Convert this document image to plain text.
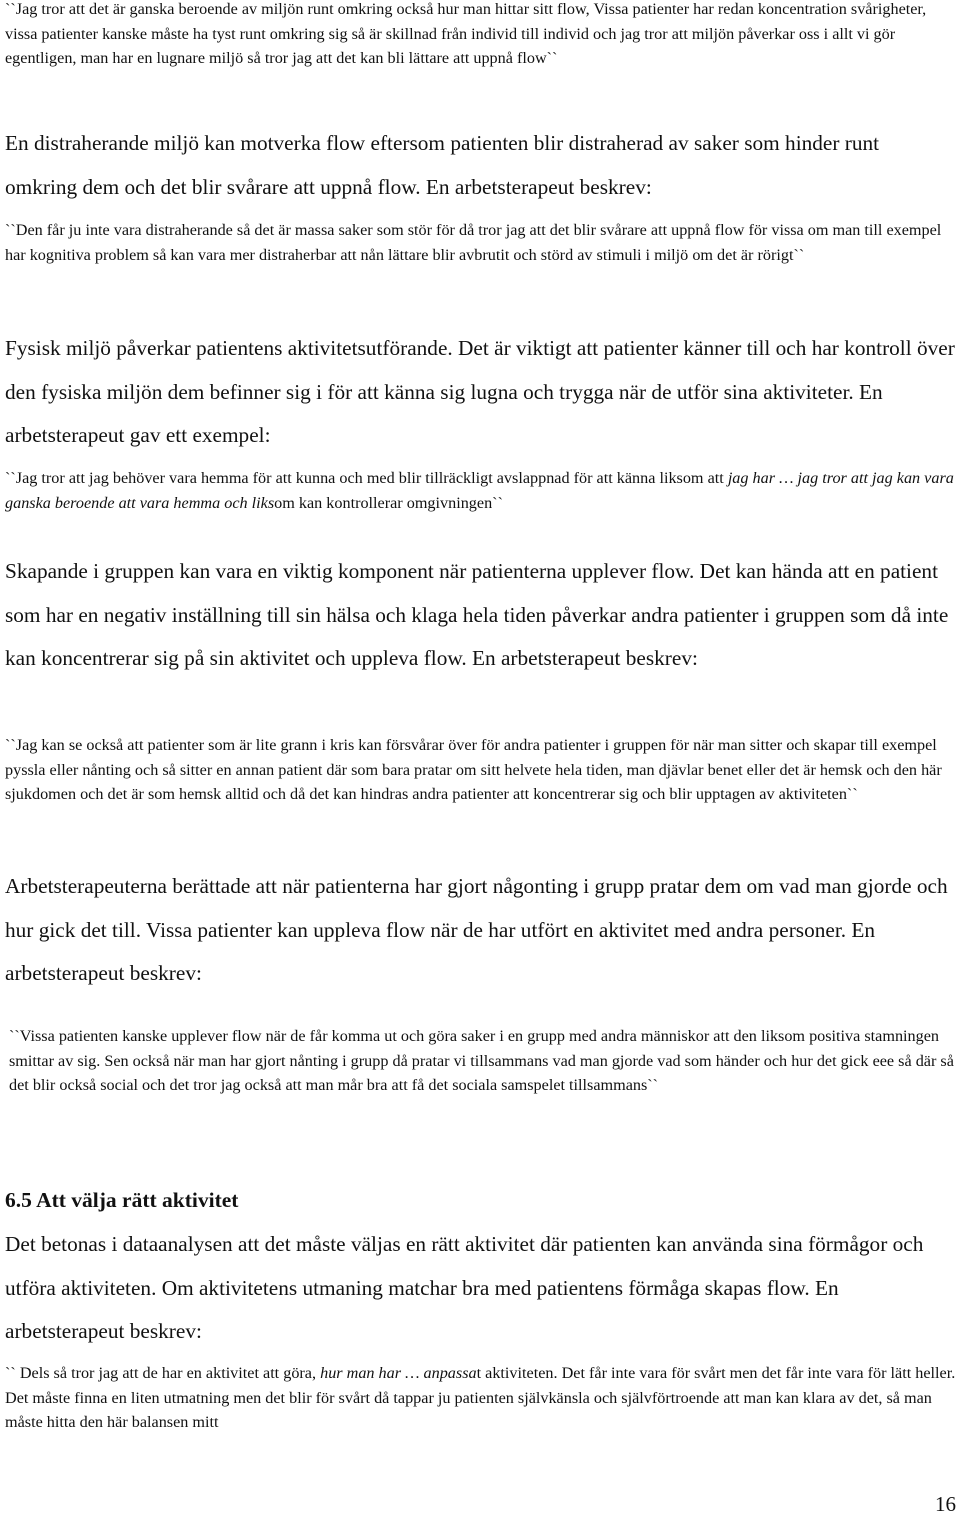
``Jag tror att det är ganska beroende av miljön runt omkring också hur man hittar sitt flow, Vissa patienter har redan koncentration svårigheter, vissa patienter kanske måste ha tyst runt omkring sig så är skillnad från individ till individ och jag tror att miljön påverkar oss i allt vi gör egentligen, man har en lugnare miljö så tror jag att det kan bli lättare att uppnå flow``

En distraherande miljö kan motverka flow eftersom patienten blir distraherad av saker som hinder runt omkring dem och det blir svårare att uppnå flow. En arbetsterapeut beskrev:

``Den får ju inte vara distraherande så det är massa saker som stör för då tror jag att det blir svårare att uppnå flow för vissa om man till exempel har kognitiva problem så kan vara mer distraherbar att nån lättare blir avbrutit och störd av stimuli i miljö om det är rörigt``

Fysisk miljö påverkar patientens aktivitetsutförande. Det är viktigt att patienter känner till och har kontroll över den fysiska miljön dem befinner sig i för att känna sig lugna och trygga när de utför sina aktiviteter. En arbetsterapeut gav ett exempel:

``Jag tror att jag behöver vara hemma för att kunna och med blir tillräckligt avslappnad för att känna liksom att jag har … jag tror att jag kan vara ganska beroende att vara hemma och liksom kan kontrollerar omgivningen``

Skapande i gruppen kan vara en viktig komponent när patienterna upplever flow. Det kan hända att en patient som har en negativ inställning till sin hälsa och klaga hela tiden påverkar andra patienter i gruppen som då inte kan koncentrerar sig på sin aktivitet och uppleva flow. En arbetsterapeut beskrev:

``Jag kan se också att patienter som är lite grann i kris kan försvårar över för andra patienter i gruppen för när man sitter och skapar till exempel pyssla eller nånting och så sitter en annan patient där som bara pratar om sitt helvete hela tiden, man djävlar benet eller det är hemsk och den här sjukdomen och det är som hemsk alltid och då det kan hindras andra patienter att koncentrerar sig och blir upptagen av aktiviteten``

Arbetsterapeuterna berättade att när patienterna har gjort någonting i grupp pratar dem om vad man gjorde och hur gick det till. Vissa patienter kan uppleva flow när de har utfört en aktivitet med andra personer. En arbetsterapeut beskrev:

``Vissa patienten kanske upplever flow när de får komma ut och göra saker i en grupp med andra människor att den liksom positiva stamningen smittar av sig. Sen också när man har gjort nånting i grupp då pratar vi tillsammans vad man gjorde vad som händer och hur det gick eee så där så det blir också social och det tror jag också att man mår bra att få det sociala samspelet tillsammans``

6.5 Att välja rätt aktivitet

Det betonas i dataanalysen att det måste väljas en rätt aktivitet där patienten kan använda sina förmågor och utföra aktiviteten. Om aktivitetens utmaning matchar bra med patientens förmåga skapas flow. En arbetsterapeut beskrev:

`` Dels så tror jag att de har en aktivitet att göra, hur man har … anpassat aktiviteten. Det får inte vara för svårt men det får inte vara för lätt heller. Det måste finna en liten utmatning men det blir för svårt då tappar ju patienten självkänsla och självförtroende att man kan klara av det, så man måste hitta den här balansen mitt

16
